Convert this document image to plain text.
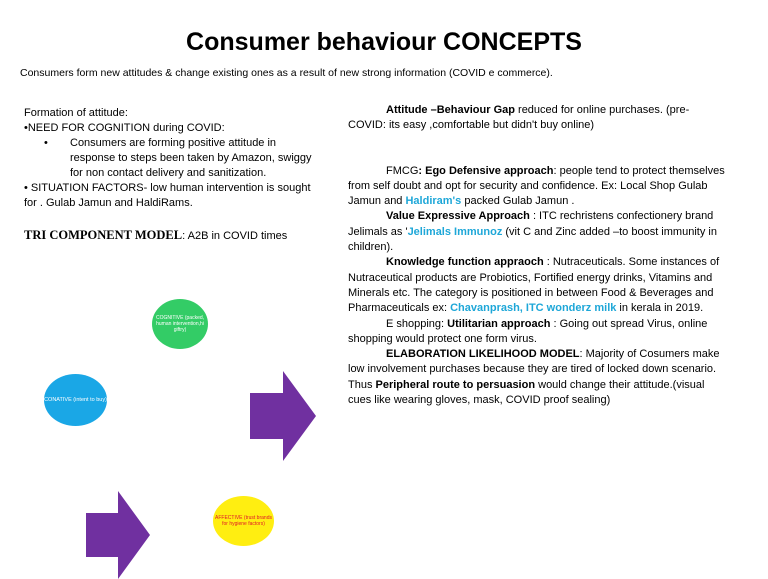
Consumer behaviour CONCEPTS
Consumers form new attitudes & change existing ones as a result of new strong information (COVID e commerce).

Formation of attitude:

•NEED FOR COGNITION during COVID:

• Consumers are forming positive attitude in response to steps been taken by Amazon, swiggy for non contact delivery and sanitization.

• SITUATION FACTORS- low human intervention is sought for . Gulab Jamun and HaldiRams.

TRI COMPONENT MODEL: A2B in COVID times
COGNITIVE (packed, human intervention,hi giftry)
CONATIVE (intent to buy)
AFFECTIVE (trust brands for hygiene factors)

Attitude –Behaviour Gap reduced for online purchases. (pre-COVID: its easy ,comfortable but didn't buy online)

FMCG: Ego Defensive approach: people tend to protect themselves from self doubt and opt for security and confidence. Ex: Local Shop Gulab Jamun and Haldiram's packed Gulab Jamun .

Value Expressive Approach : ITC rechristens confectionery brand Jelimals as 'Jelimals Immunoz (vit C and Zinc added –to boost immunity in children).

Knowledge function appraoch : Nutraceuticals. Some instances of Nutraceutical products are Probiotics, Fortified energy drinks, Vitamins and Minerals etc. The category is positioned in between Food & Beverages and Pharmaceuticals ex: Chavanprash, ITC wonderz milk in kerala in 2019.

E shopping: Utilitarian approach : Going out spread Virus, online shopping would protect one form virus.

ELABORATION LIKELIHOOD MODEL: Majority of Cosumers make low involvement purchases because they are tired of locked down scenario. Thus Peripheral route to persuasion would change their attitude.(visual cues like wearing gloves, mask, COVID proof sealing)
